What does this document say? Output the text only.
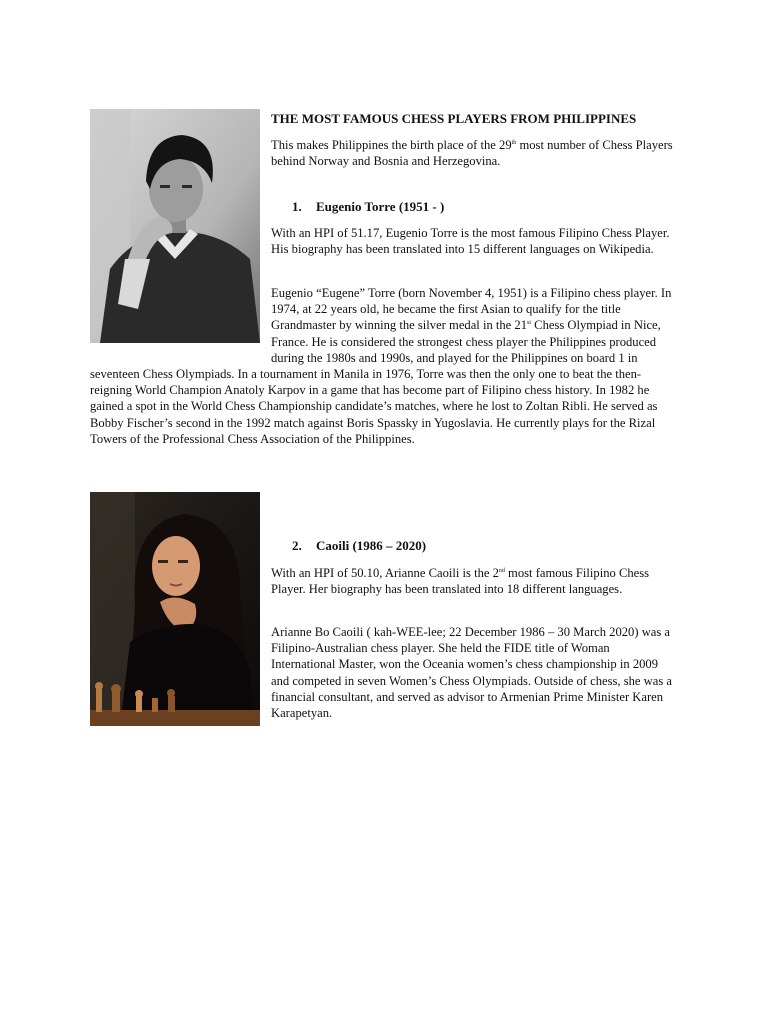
THE MOST FAMOUS CHESS PLAYERS FROM PHILIPPINES

This makes Philippines the birth place of the 29th most number of Chess Players behind Norway and Bosnia and Herzegovina.

1. Eugenio Torre (1951 - )

With an HPI of 51.17, Eugenio Torre is the most famous Filipino Chess Player. His biography has been translated into 15 different languages on Wikipedia.

Eugenio “Eugene” Torre (born November 4, 1951) is a Filipino chess player. In 1974, at 22 years old, he became the first Asian to qualify for the title Grandmaster by winning the silver medal in the 21st Chess Olympiad in Nice, France. He is considered the strongest chess player the Philippines produced during the 1980s and 1990s, and played for the Philippines on board 1 in seventeen Chess Olympiads. In a tournament in Manila in 1976, Torre was then the only one to beat the then-reigning World Champion Anatoly Karpov in a game that has become part of Filipino chess history. In 1982 he gained a spot in the World Chess Championship candidate’s matches, where he lost to Zoltan Ribli. He served as Bobby Fischer’s second in the 1992 match against Boris Spassky in Yugoslavia. He currently plays for the Rizal Towers of the Professional Chess Association of the Philippines.
2. Caoili (1986 – 2020)

With an HPI of 50.10, Arianne Caoili is the 2nd most famous Filipino Chess Player. Her biography has been translated into 18 different languages.

Arianne Bo Caoili ( kah-WEE-lee; 22 December 1986 – 30 March 2020) was a Filipino-Australian chess player. She held the FIDE title of Woman International Master, won the Oceania women’s chess championship in 2009 and competed in seven Women’s Chess Olympiads. Outside of chess, she was a financial consultant, and served as advisor to Armenian Prime Minister Karen Karapetyan.
